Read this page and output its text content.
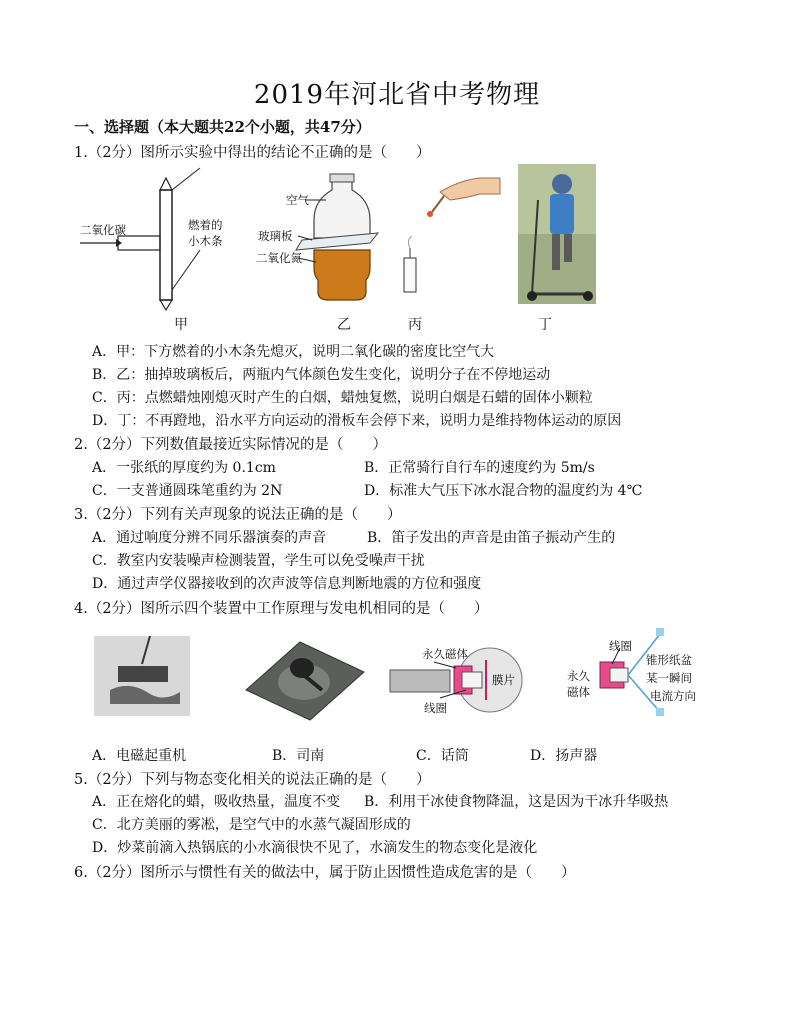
2019年河北省中考物理
一、选择题（本大题共22个小题，共47分）
1.（2分）图所示实验中得出的结论不正确的是（　　）
二氧化碳	燃着的
小木条
甲
空气
玻璃板
二氧化氮
乙	丙	丁
A．甲：下方燃着的小木条先熄灭，说明二氧化碳的密度比空气大
B．乙：抽掉玻璃板后，两瓶内气体颜色发生变化，说明分子在不停地运动
C．丙：点燃蜡烛刚熄灭时产生的白烟，蜡烛复燃，说明白烟是石蜡的固体小颗粒
D．丁：不再蹬地，沿水平方向运动的滑板车会停下来，说明力是维持物体运动的原因
2.（2分）下列数值最接近实际情况的是（　　）
A．一张纸的厚度约为 0.1cm	B．正常骑行自行车的速度约为 5m/s
C．一支普通圆珠笔重约为 2N	D．标准大气压下冰水混合物的温度约为 4℃
3.（2分）下列有关声现象的说法正确的是（　　）
A．通过响度分辨不同乐器演奏的声音	B．笛子发出的声音是由笛子振动产生的
C．教室内安装噪声检测装置，学生可以免受噪声干扰
D．通过声学仪器接收到的次声波等信息判断地震的方位和强度
4.（2分）图所示四个装置中工作原理与发电机相同的是（　　）
永久磁体
膜片
线圈
线圈
永久
磁体
锥形纸盆
某一瞬间
电流方向
A．电磁起重机	B．司南	C．话筒	D．扬声器
5.（2分）下列与物态变化相关的说法正确的是（　　）
A．正在熔化的蜡，吸收热量，温度不变 B．利用干冰使食物降温，这是因为干冰升华吸热
C．北方美丽的雾凇，是空气中的水蒸气凝固形成的
D．炒菜前滴入热锅底的小水滴很快不见了，水滴发生的物态变化是液化
6.（2分）图所示与惯性有关的做法中，属于防止因惯性造成危害的是（　　）
